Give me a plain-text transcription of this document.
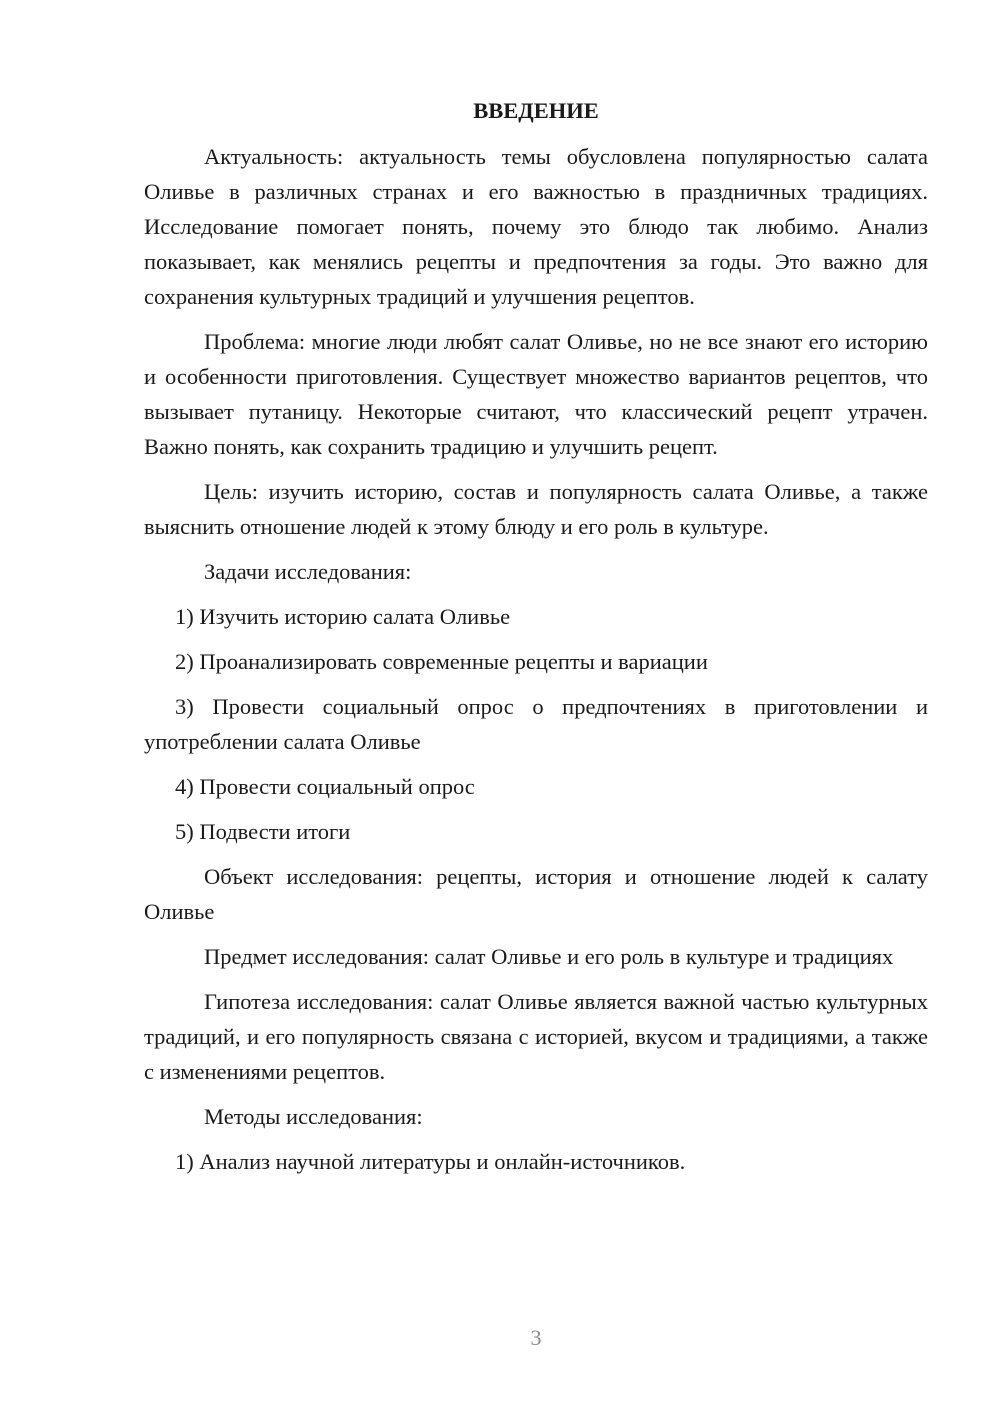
ВВЕДЕНИЕ

Актуальность: актуальность темы обусловлена популярностью салата Оливье в различных странах и его важностью в праздничных традициях. Исследование помогает понять, почему это блюдо так любимо. Анализ показывает, как менялись рецепты и предпочтения за годы. Это важно для сохранения культурных традиций и улучшения рецептов.

Проблема: многие люди любят салат Оливье, но не все знают его историю и особенности приготовления. Существует множество вариантов рецептов, что вызывает путаницу. Некоторые считают, что классический рецепт утрачен. Важно понять, как сохранить традицию и улучшить рецепт.

Цель: изучить историю, состав и популярность салата Оливье, а также выяснить отношение людей к этому блюду и его роль в культуре.

Задачи исследования:

1) Изучить историю салата Оливье

2) Проанализировать современные рецепты и вариации

3) Провести социальный опрос о предпочтениях в приготовлении и употреблении салата Оливье

4) Провести социальный опрос

5) Подвести итоги

Объект исследования: рецепты, история и отношение людей к салату Оливье

Предмет исследования: салат Оливье и его роль в культуре и традициях

Гипотеза исследования: салат Оливье является важной частью культурных традиций, и его популярность связана с историей, вкусом и традициями, а также с изменениями рецептов.

Методы исследования:

1) Анализ научной литературы и онлайн-источников.

3
